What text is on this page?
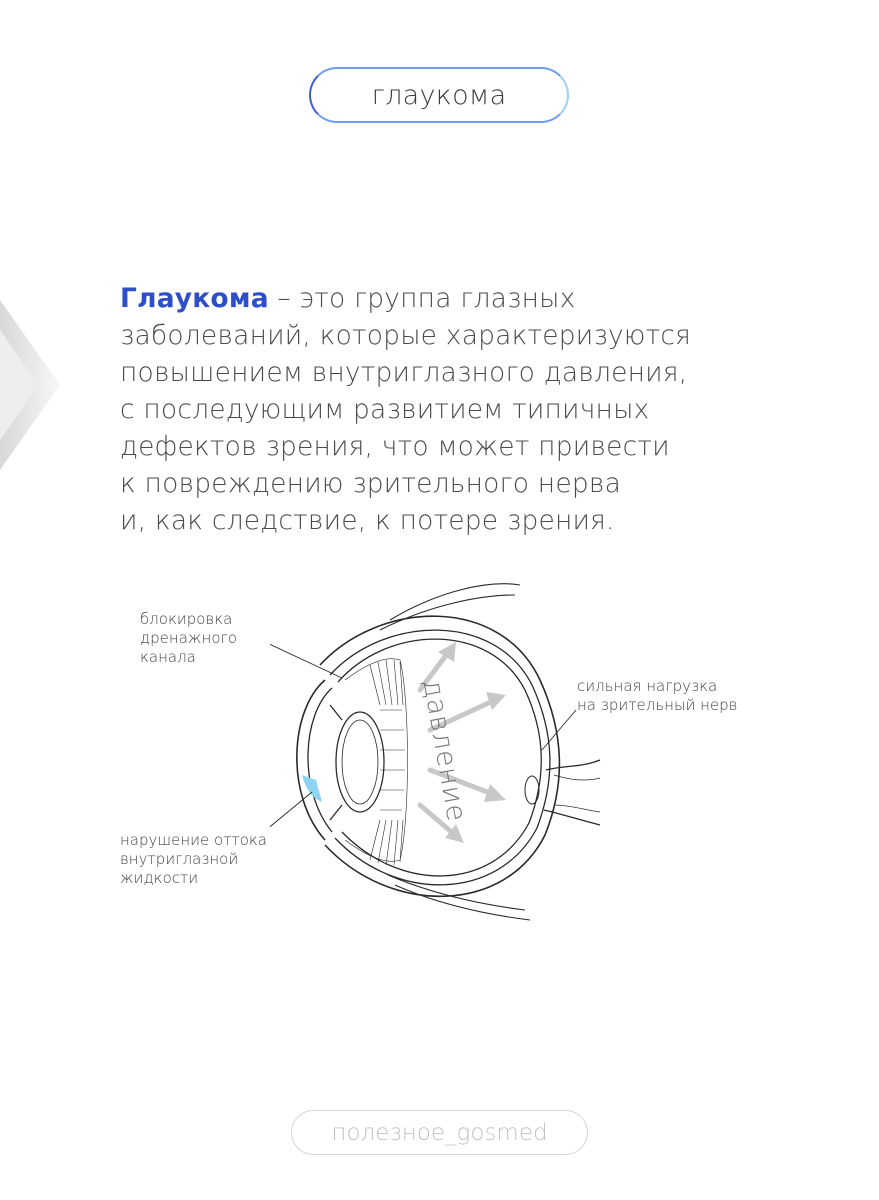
глаукома
Глаукома – это группа глазных
заболеваний, которые характеризуются
повышением внутриглазного давления,
с последующим развитием типичных
дефектов зрения, что может привести
к повреждению зрительного нерва
и, как следствие, к потере зрения.
давление
блокировка
дренажного
канала
сильная нагрузка
на зрительный нерв
нарушение оттока
внутриглазной
жидкости
полезное_gosmed
